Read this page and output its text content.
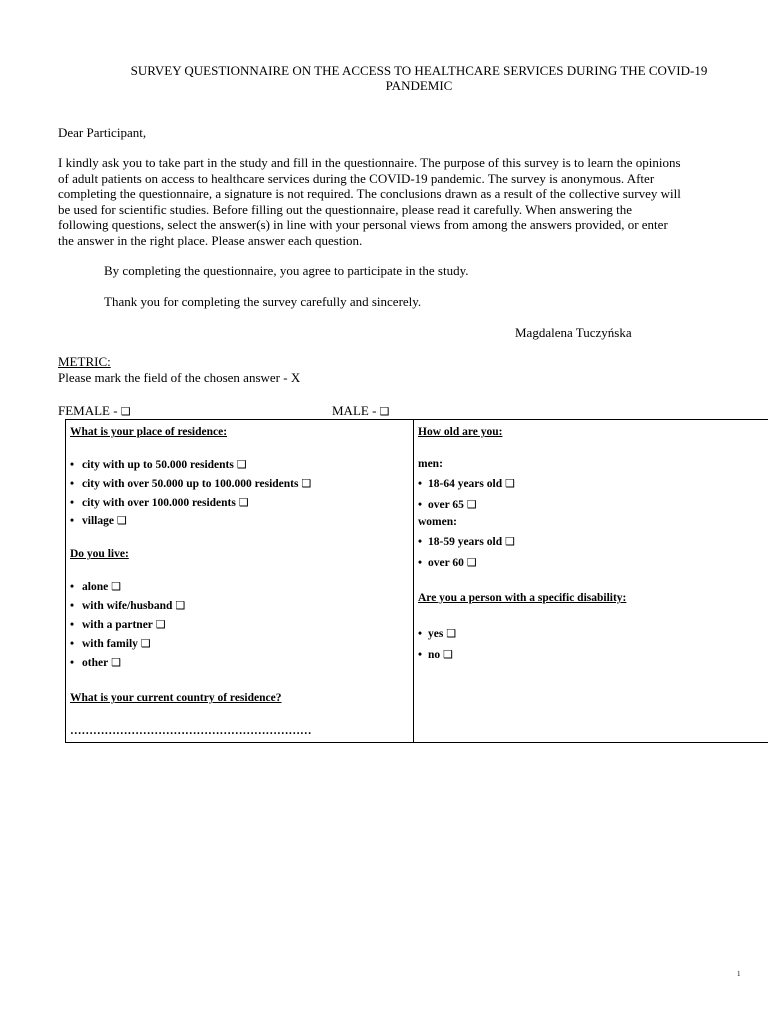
SURVEY QUESTIONNAIRE ON THE ACCESS TO HEALTHCARE SERVICES DURING THE COVID-19
PANDEMIC
Dear Participant,
I kindly ask you to take part in the study and fill in the questionnaire. The purpose of this survey is to learn the opinions
of adult patients on access to healthcare services during the COVID-19 pandemic. The survey is anonymous. After
completing the questionnaire, a signature is not required. The conclusions drawn as a result of the collective survey will
be used for scientific studies. Before filling out the questionnaire, please read it carefully. When answering the
following questions, select the answer(s) in line with your personal views from among the answers provided, or enter
the answer in the right place. Please answer each question.
By completing the questionnaire, you agree to participate in the study.
Thank you for completing the survey carefully and sincerely.
Magdalena Tuczyńska
METRIC:
Please mark the field of the chosen answer - X
FEMALE - ❑	MALE - ❑
What is your place of residence:
• city with up to 50.000 residents ❑
• city with over 50.000 up to 100.000 residents ❑
• city with over 100.000 residents ❑
• village ❑
Do you live:
• alone ❑
• with wife/husband ❑
• with a partner ❑
• with family ❑
• other ❑
What is your current country of residence?
………………………………………………………
How old are you:
men:
• 18-64 years old ❑
• over 65 ❑
women:
• 18-59 years old ❑
• over 60 ❑
Are you a person with a specific disability:
• yes ❑
• no ❑
1
